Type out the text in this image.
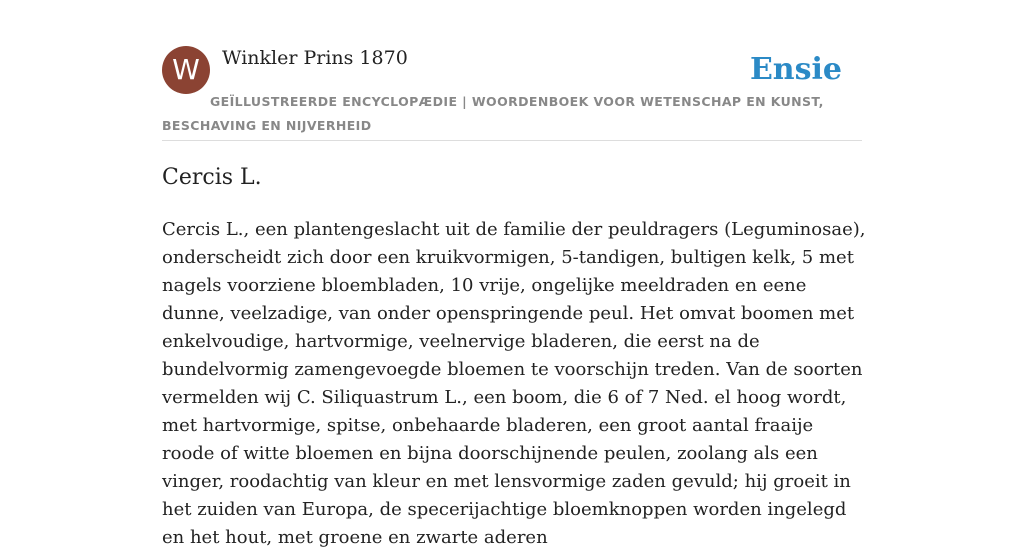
W	Winkler Prins 1870	Ensie
GEÏLLUSTREERDE ENCYCLOPÆDIE | WOORDENBOEK VOOR WETENSCHAP EN KUNST, BESCHAVING EN NIJVERHEID
Cercis L.

Cercis L., een plantengeslacht uit de familie der peuldragers (Leguminosae), onderscheidt zich door een kruikvormigen, 5-tandigen, bultigen kelk, 5 met nagels voorziene bloembladen, 10 vrije, ongelijke meeldraden en eene dunne, veelzadige, van onder openspringende peul. Het omvat boomen met enkelvoudige, hartvormige, veelnervige bladeren, die eerst na de bundelvormig zamengevoegde bloemen te voorschijn treden. Van de soorten vermelden wij C. Siliquastrum L., een boom, die 6 of 7 Ned. el hoog wordt, met hartvormige, spitse, onbehaarde bladeren, een groot aantal fraaije roode of witte bloemen en bijna doorschijnende peulen, zoolang als een vinger, roodachtig van kleur en met lensvormige zaden gevuld; hij groeit in het zuiden van Europa, de specerijachtige bloemknoppen worden ingelegd en het hout, met groene en zwarte aderen
